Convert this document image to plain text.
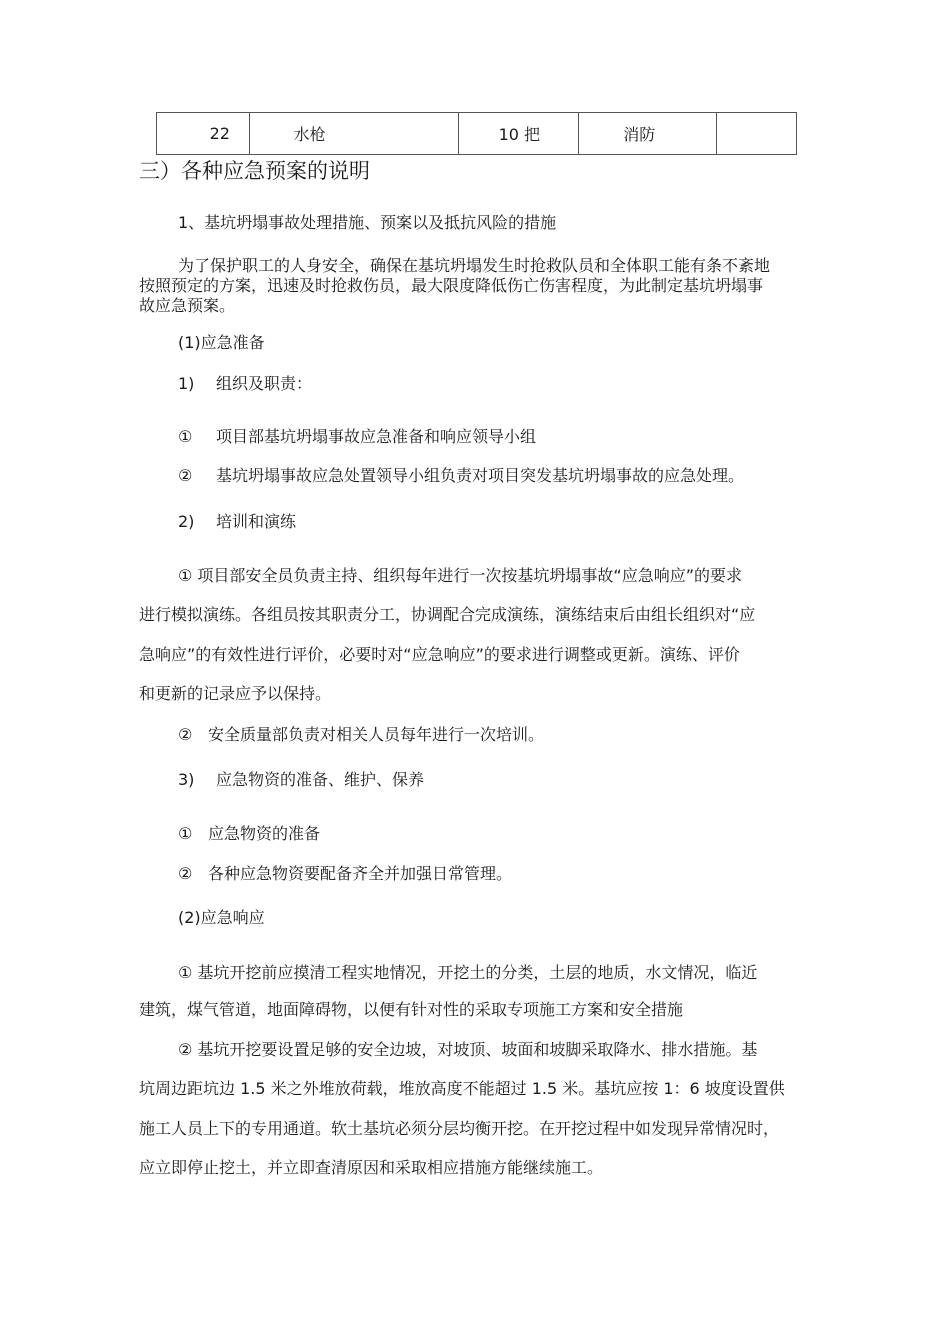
22	水枪	10 把	消防	
三）各种应急预案的说明
1、基坑坍塌事故处理措施、预案以及抵抗风险的措施
为了保护职工的人身安全，确保在基坑坍塌发生时抢救队员和全体职工能有条不紊地
按照预定的方案，迅速及时抢救伤员，最大限度降低伤亡伤害程度，为此制定基坑坍塌事
故应急预案。
(1)应急准备
1) 组织及职责：
① 项目部基坑坍塌事故应急准备和响应领导小组
② 基坑坍塌事故应急处置领导小组负责对项目突发基坑坍塌事故的应急处理。
2) 培训和演练
① 项目部安全员负责主持、组织每年进行一次按基坑坍塌事故“应急响应”的要求
进行模拟演练。各组员按其职责分工，协调配合完成演练，演练结束后由组长组织对“应
急响应”的有效性进行评价，必要时对“应急响应”的要求进行调整或更新。演练、评价
和更新的记录应予以保持。
② 安全质量部负责对相关人员每年进行一次培训。
3) 应急物资的准备、维护、保养
① 应急物资的准备
② 各种应急物资要配备齐全并加强日常管理。
(2)应急响应
① 基坑开挖前应摸清工程实地情况，开挖土的分类，土层的地质，水文情况，临近
建筑，煤气管道，地面障碍物，以便有针对性的采取专项施工方案和安全措施
② 基坑开挖要设置足够的安全边坡，对坡顶、坡面和坡脚采取降水、排水措施。基
坑周边距坑边 1.5 米之外堆放荷载，堆放高度不能超过 1.5 米。基坑应按 1：6 坡度设置供
施工人员上下的专用通道。软土基坑必须分层均衡开挖。在开挖过程中如发现异常情况时，
应立即停止挖土，并立即查清原因和采取相应措施方能继续施工。
